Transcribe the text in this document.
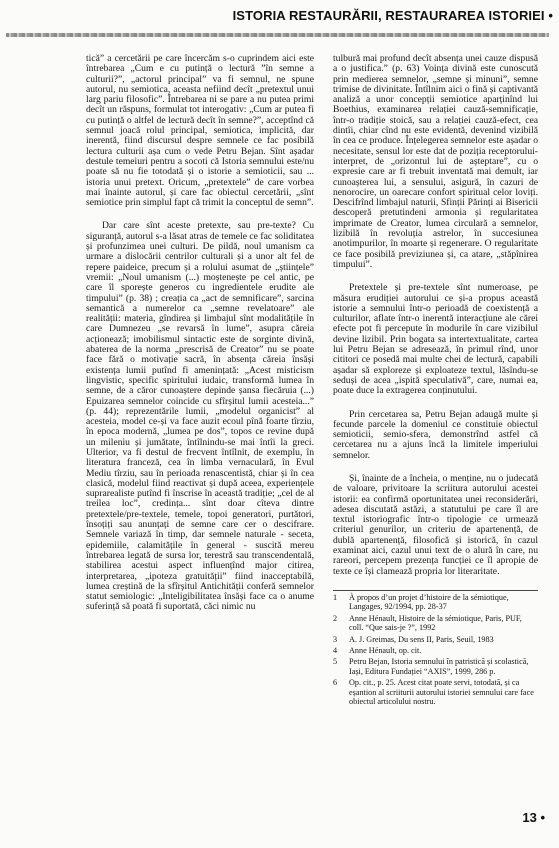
ISTORIA RESTAURĂRII, RESTAURAREA ISTORIEI •

tică” a cercetării pe care încercăm s-o cuprindem aici este întrebarea „Cum e cu putință o lectură ”în semne a culturii?”, „actorul principal” va fi semnul, ne spune autorul, nu semiotica, aceasta nefiind decît „pretextul unui larg pariu filosofic”. Întrebarea ni se pare a nu putea primi decît un răspuns, formulat tot interogativ: „Cum ar putea fi cu putință o altfel de lectură decît în semne?”, acceptînd că semnul joacă rolul principal, semiotica, implicită, dar inerentă, fiind discursul despre semnele ce fac posibilă lectura culturii așa cum o vede Petru Bejan. Sînt așadar destule temeiuri pentru a socoti că Istoria semnului este/nu poate să nu fie totodată și o istorie a semioticii, sau ... istoria unui pretext. Oricum, „pretextele” de care vorbea mai înainte autorul, și care fac obiectul cercetării, „sînt semiotice prin simplul fapt că trimit la conceptul de semn”.

Dar care sînt aceste pretexte, sau pre-texte? Cu siguranță, autorul s-a lăsat atras de temele ce fac soliditatea și profunzimea unei culturi. De pildă, noul umanism ca urmare a dislocării centrilor culturali și a unor alt fel de repere paideice, precum și a rolului asumat de „științele” vremii: „Noul umanism (...) moștenește pe cel antic, pe care îl sporește generos cu ingredientele erudite ale timpului” (p. 38) ; creația ca „act de semnificare”, sarcina semantică a numerelor ca „semne revelatoare” ale realității: materia, gîndirea și limbajul sînt modalitățile în care Dumnezeu „se revarsă în lume”, asupra căreia acționează; imobilismul sintactic este de sorginte divină, abaterea de la norma „prescrisă de Creator” nu se poate face fără o motivație sacră, în absența căreia însăși existența lumii putînd fi amenințată: „Acest misticism lingvistic, specific spiritului iudaic, transformă lumea în semne, de a căror cunoaștere depinde șansa fiecăruia (...) Epuizarea semnelor coincide cu sfîrșitul lumii acesteia...” (p. 44); reprezentările lumii, „modelul organicist” al acesteia, model ce-și va face auzit ecoul pînă foarte tîrziu, în epoca modernă, „lumea pe dos”, topos ce revine după un mileniu și jumătate, întîlnindu-se mai întîi la greci. Ulterior, va fi destul de frecvent întîlnit, de exemplu, în literatura franceză, cea în limba vernaculară, în Evul Mediu tîrziu, sau în perioada renascentistă, chiar și în cea clasică, modelul fiind reactivat și după aceea, experiențele suprarealiste putînd fi înscrise în această tradiție; „cel de al treilea loc”, credința... sînt doar cîteva dintre pretextele/pre-textele, temele, topoi generatori, purtători, însoțiți sau anunțați de semne care cer o descifrare. Semnele variază în timp, dar semnele naturale - seceta, epidemiile, calamitățile în general - suscită mereu întrebarea legată de sursa lor, terestră sau transcendentală, stabilirea acestui aspect influențînd major citirea, interpretarea, „ipoteza gratuității” fiind inacceptabilă, lumea creștină de la sfîrșitul Antichității conferă semnelor statut semiologic: „Inteligibilitatea însăși face ca o anume suferință să poată fi suportată, căci nimic nu

tulbură mai profund decît absența unei cauze dispusă a o justifica.” (p. 63) Voința divină este cunoscută prin medierea semnelor, „semne și minuni”, semne trimise de divinitate. Întîlnim aici o fină și captivantă analiză a unor concepții semiotice aparținînd lui Boethius, examinarea relației cauză-semnificație, într-o tradiție stoică, sau a relației cauză-efect, cea dintîi, chiar cînd nu este evidentă, devenind vizibilă în cea ce produce. Înțelegerea semnelor este așadar o necesitate, sensul lor este dat de poziția receptorului-interpret, de „orizontul lui de așteptare”, cu o expresie care ar fi trebuit inventată mai demult, iar cunoașterea lui, a sensului, asigură, în cazuri de nenorocire, un oarecare confort spiritual celor loviți. Descifrînd limbajul naturii, Sfinții Părinți ai Bisericii descoperă pretutindeni armonia și regularitatea imprimate de Creator, lumea circulară a semnelor, lizibilă în revoluția astrelor, în succesiunea anotimpurilor, în moarte și regenerare. O regularitate ce face posibilă previziunea și, ca atare, „stăpînirea timpului”.

Pretextele și pre-textele sînt numeroase, pe măsura erudiției autorului ce și-a propus această istorie a semnului într-o perioadă de coexistență a culturilor, aflate într-o inerentă interacțiune ale cărei efecte pot fi percepute în modurile în care vizibilul devine lizibil. Prin bogata sa intertextualitate, cartea lui Petru Bejan se adresează, în primul rînd, unor cititori ce posedă mai multe chei de lectură, capabili așadar să exploreze și exploateze textul, lăsîndu-se seduși de acea „ispită speculativă”, care, numai ea, poate duce la extragerea conținutului.

Prin cercetarea sa, Petru Bejan adaugă multe și fecunde parcele la domeniul ce constituie obiectul semioticii, semio-sfera, demonstrînd astfel că cercetarea nu a ajuns încă la limitele imperiului semnelor.

Și, înainte de a încheia, o menține, nu o judecată de valoare, privitoare la scriitura autorului acestei istorii: ea confirmă oportunitatea unei reconsiderări, adesea discutată astăzi, a statutului pe care îl are textul istoriografic într-o tipologie ce urmează criteriul genurilor, un criteriu de apartenență, de dublă apartenență, filosofică și istorică, în cazul examinat aici, cazul unui text de o alură în care, nu rareori, percepem prezența funcției ce îl apropie de texte ce își clamează propria lor literaritate.

1	À propos d’un projet d’histoire de la sémiotique, Langages, 92/1994, pp. 28-37
2	Anne Hénault, Histoire de la sémiotique, Paris, PUF, coll. “Que sais-je ?”, 1992
3	A. J. Greimas, Du sens II, Paris, Seuil, 1983
4	Anne Hénault, op. cit.
5	Petru Bejan, Istoria semnului în patristică și scolastică, Iași, Editura Fundației “AXIS”, 1999, 286 p.
6	Op. cit., p. 25. Acest citat poate servi, totodată, și ca eșantion al scriiturii autorului istoriei semnului care face obiectul articolului nostru.
13 •
